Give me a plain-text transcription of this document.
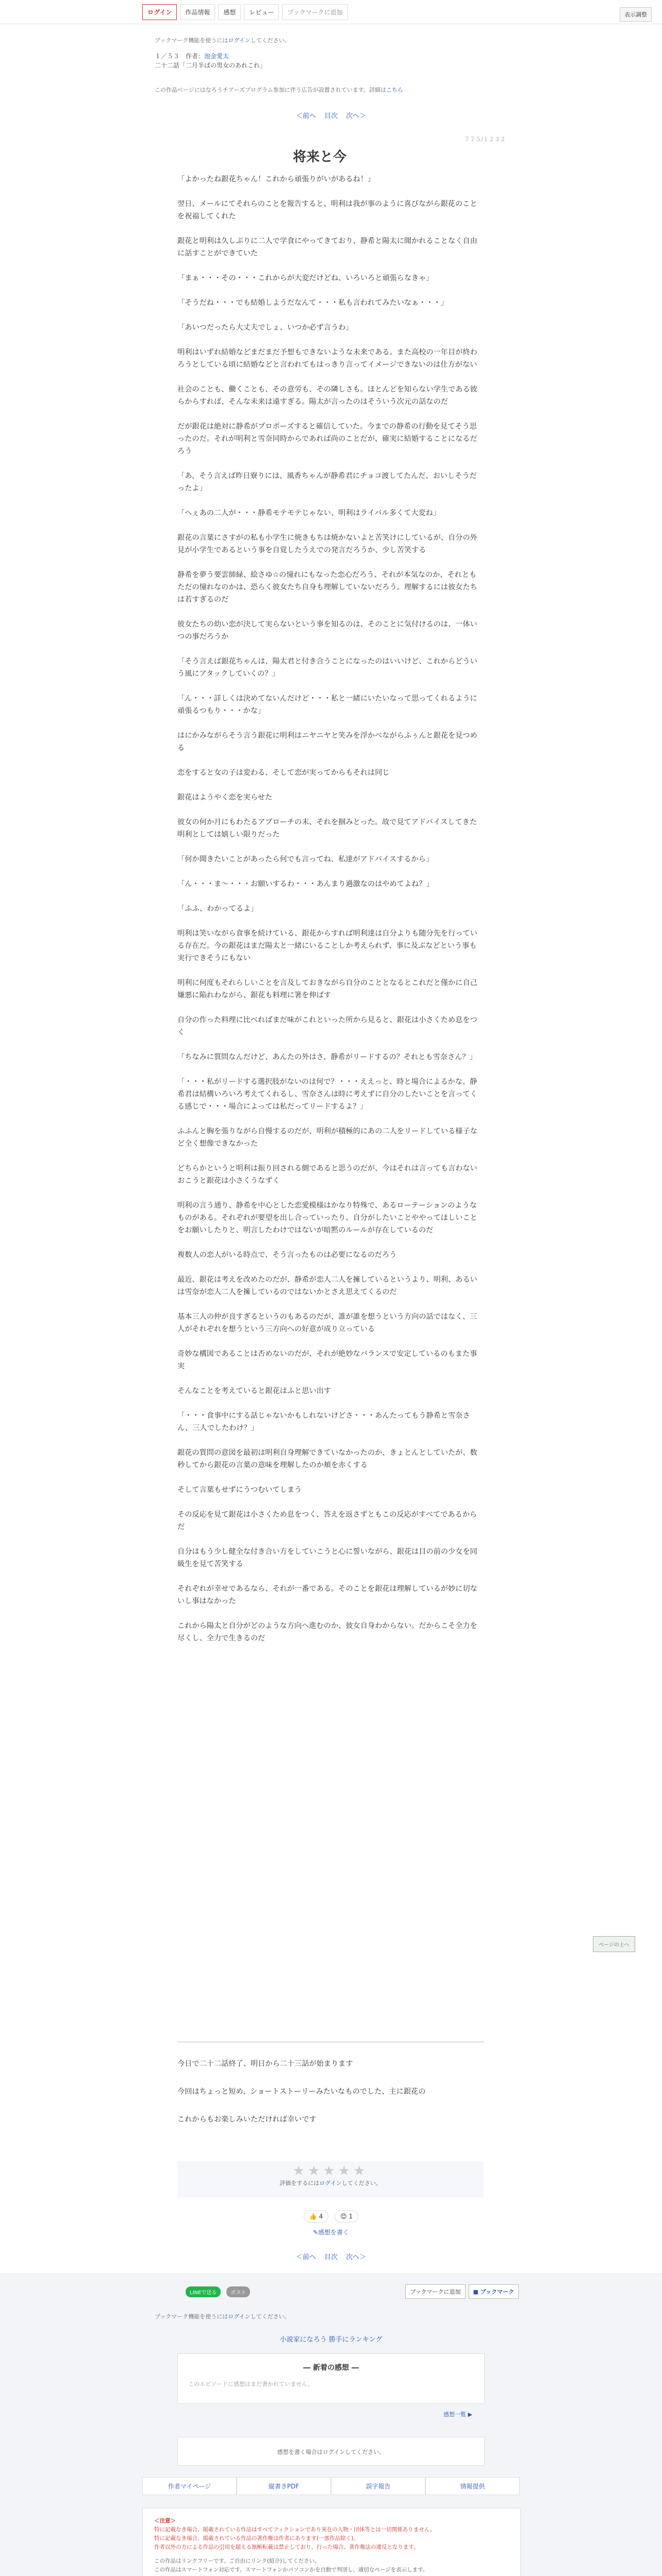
ログイン	作品情報	感想	レビュー	ブックマークに追加	表示調整
ブックマーク機能を使うにはログインしてください。
１／５３　 作者：池金愛太
二十二話「二月半ばの男女のあれこれ」
この作品ページにはなろうチアーズプログラム参加に伴う広告が設置されています。詳細はこちら
＜前へ 目次 次へ＞
７７５/１２３２
将来と今

「よかったね銀花ちゃん！これから頑張りがいがあるね！」

翌日、メールにてそれらのことを報告すると、明利は我が事のように喜びながら銀花のことを祝福してくれた

銀花と明利は久しぶりに二人で学食にやってきており、静希と陽太に聞かれることなく自由に話すことができていた

「まぁ・・・その・・・これからが大変だけどね、いろいろと頑張らなきゃ」

「そうだね・・・でも結婚しようだなんて・・・私も言われてみたいなぁ・・・」

「あいつだったら大丈夫でしょ、いつか必ず言うわ」

明利はいずれ結婚などまだまだ予想もできないような未来である。また高校の一年目が終わろうとしている頃に結婚などと言われてもはっきり言ってイメージできないのは仕方がない

社会のことも、働くことも、その意労も、その隣しさも。ほとんどを知らない学生である彼らからすれば、そんな未来は遠すぎる。陽太が言ったのはそういう次元の話なのだ

だが銀花は絶対に静希がプロポーズすると確信していた。今までの静希の行動を見てそう思ったのだ。それが明利と雪奈同時からであれば尚のことだが、確実に結婚することになるだろう

「あ、そう言えば昨日寮りには、風香ちゃんが静希君にチョコ渡してたんだ、おいしそうだったよ」

「へぇあの二人が・・・静希モテモテじゃない、明利はライバル多くて大変ね」

銀花の言葉にさすがの私も小学生に焼きもちは焼かないよと苦笑けにしているが、自分の外見が小学生であるという事を自覚したうえでの発言だろうか、少し苦笑する

静希を夢う要雲師緑、絵さゆ☆の憧れにもなった恋心だろう、それが本気なのか、それともただの憧れなのかは、恐らく彼女たち自身も理解していないだろう。理解するには彼女たちは若すぎるのだ

彼女たちの幼い恋が決して実らないという事を知るのは、そのことに気付けるのは、一体いつの事だろうか

「そう言えば銀花ちゃんは、陽太君と付き合うことになったのはいいけど、これからどういう風にアタックしていくの？」

「ん・・・詳しくは決めてないんだけど・・・私と一緒にいたいなって思ってくれるように頑張るつもり・・・かな」

はにかみながらそう言う銀花に明利はニヤニヤと笑みを浮かべながらふぅんと銀花を見つめる

恋をすると女の子は変わる、そして恋が実ってからもそれは同じ

銀花はようやく恋を実らせた

彼女の何か月にもわたるアプローチの末、それを掴みとった。故で見てアドバイスしてきた明利としては嬉しい限りだった

「何か聞きたいことがあったら何でも言ってね、私達がアドバイスするから」

「ん・・・ま～・・・お願いするわ・・・あんまり過激なのはやめてよね？」

「ふふ、わかってるよ」

明利は笑いながら食事を続けている、銀花からすれば明利達は自分よりも随分先を行っている存在だ。今の銀花はまだ陽太と一緒にいることしか考えられず、事に及ぶなどという事も実行できそうにもない

明利に何度もそれらしいことを言及しておきながら自分のこととなるとこれだと僅かに自己嫌悪に陥れわながら、銀花も料理に箸を伸ばす

自分の作った料理に比べればまだ味がこれといった所から見ると、銀花は小さくため息をつく

「ちなみに質問なんだけど、あんたの外はさ、静希がリードするの？それとも雪奈さん？」

「・・・私がリードする選択肢がないのは何で？・・・ええっと、時と場合によるかな、静希君は結構いろいろ考えてくれるし、雪奈さんは時に考えずに自分のしたいことを言ってくる感じで・・・場合によっては私だってリードするよ？」

ふふんと胸を張りながら自慢するのだが、明利が積極的にあの二人をリードしている様子など全く想像できなかった

どちらかというと明利は振り回される側であると思うのだが、今はそれは言っても言わないおこうと銀花は小さくうなずく

明利の言う通り、静希を中心とした恋愛模様はかなり特殊で、あるローテーションのようなものがある。それぞれが要望を出し合っていったり、自分がしたいことややってほしいことをお願いしたりと、明言したわけではないが暗黙のルールが存在しているのだ

複数人の恋人がいる時点で、そう言ったものは必要になるのだろう

最近、銀花は考えを改めたのだが、静希が恋人二人を擁しているというより、明利、あるいは雪奈が恋人二人を擁しているのではないかとさえ思えてくるのだ

基本三人の仲が良すぎるというのもあるのだが、誰が誰を想うという方向の話ではなく、三人がそれぞれを想うという三方向への好意が成り立っている

奇妙な構図であることは否めないのだが、それが絶妙なバランスで安定しているのもまた事実

そんなことを考えていると銀花はふと思い出す

「・・・食事中にする話じゃないかもしれないけどさ・・・あんたってもう静希と雪奈さん、三人でしたわけ？」

銀花の質問の意図を最初は明利自身理解できていなかったのか、きょとんとしていたが、数秒してから銀花の言葉の意味を理解したのか頬を赤くする

そして言葉もせずにうつむいてしまう

その反応を見て銀花は小さくため息をつく、答えを返さずともこの反応がすべてであるからだ

自分はもう少し健全な付き合い方をしていこうと心に誓いながら、銀花は目の前の少女を同級生を見て苦笑する

それぞれが幸せであるなら、それが一番である。そのことを銀花は理解しているが妙に切ないし事はなかった

これから陽太と自分がどのような方向へ進むのか、彼女自身わからない。だからこそ全力を尽くし、全力で生きるのだ

今日で二十二話終了、明日から二十三話が始まります

今回はちょっと短め、ショートストーリーみたいなものでした、主に銀花の

これからもお楽しみいただければ幸いです

★★★★★
評価をするにはログインしてください。
👍 4	😊 1
✎感想を書く
＜前へ 目次 次へ＞
LINEで送る	ポスト	ブックマークに追加	■ ブックマーク
ブックマーク機能を使うにはログインしてください。
小説家になろう 勝手にランキング
― 新着の感想 ―
このエピソードに感想はまだ書かれていません。
感想一覧 ▶
感想を書く場合はログインしてください。
作者マイページ	縦書きPDF	誤字報告	情報提供
＜注意＞
特に記載なき場合、掲載されている作品はすべてフィクションであり実在の人物・団体等とは一切関係ありません。
特に記載なき場合、掲載されている作品の著作権は作者にあります(一部作品除く)。
作者以外の方による作品の引用を超える無断転載は禁止しており、行った場合、著作権法の違反となります。
この作品はリンクフリーです。ご自由にリンク(紹介)してください。
この作品はスマートフォン対応です。スマートフォンかパソコンかを自動で判別し、適切なページを表示します。
ページの上へ
